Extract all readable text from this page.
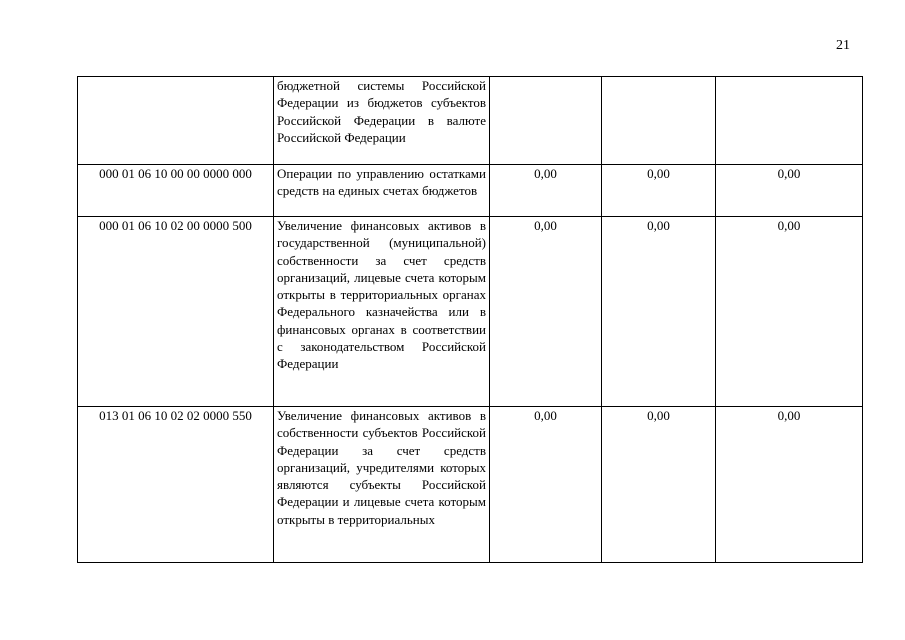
21

	бюджетной системы Российской Федерации из бюджетов субъектов Российской Федерации в валюте Российской Федерации			

000 01 06 10 00 00 0000 000	Операции по управлению остатками средств на единых счетах бюджетов	0,00	0,00	0,00
000 01 06 10 02 00 0000 500	Увеличение финансовых активов в государственной (муниципальной) собственности за счет средств организаций, лицевые счета которым открыты в территориальных органах Федерального казначейства или в финансовых органах в соответствии с законодательством Российской Федерации	0,00	0,00	0,00
013 01 06 10 02 02 0000 550	Увеличение финансовых активов в собственности субъектов Российской Федерации за счет средств организаций, учредителями которых являются субъекты Российской Федерации и лицевые счета которым открыты в территориальных	0,00	0,00	0,00
